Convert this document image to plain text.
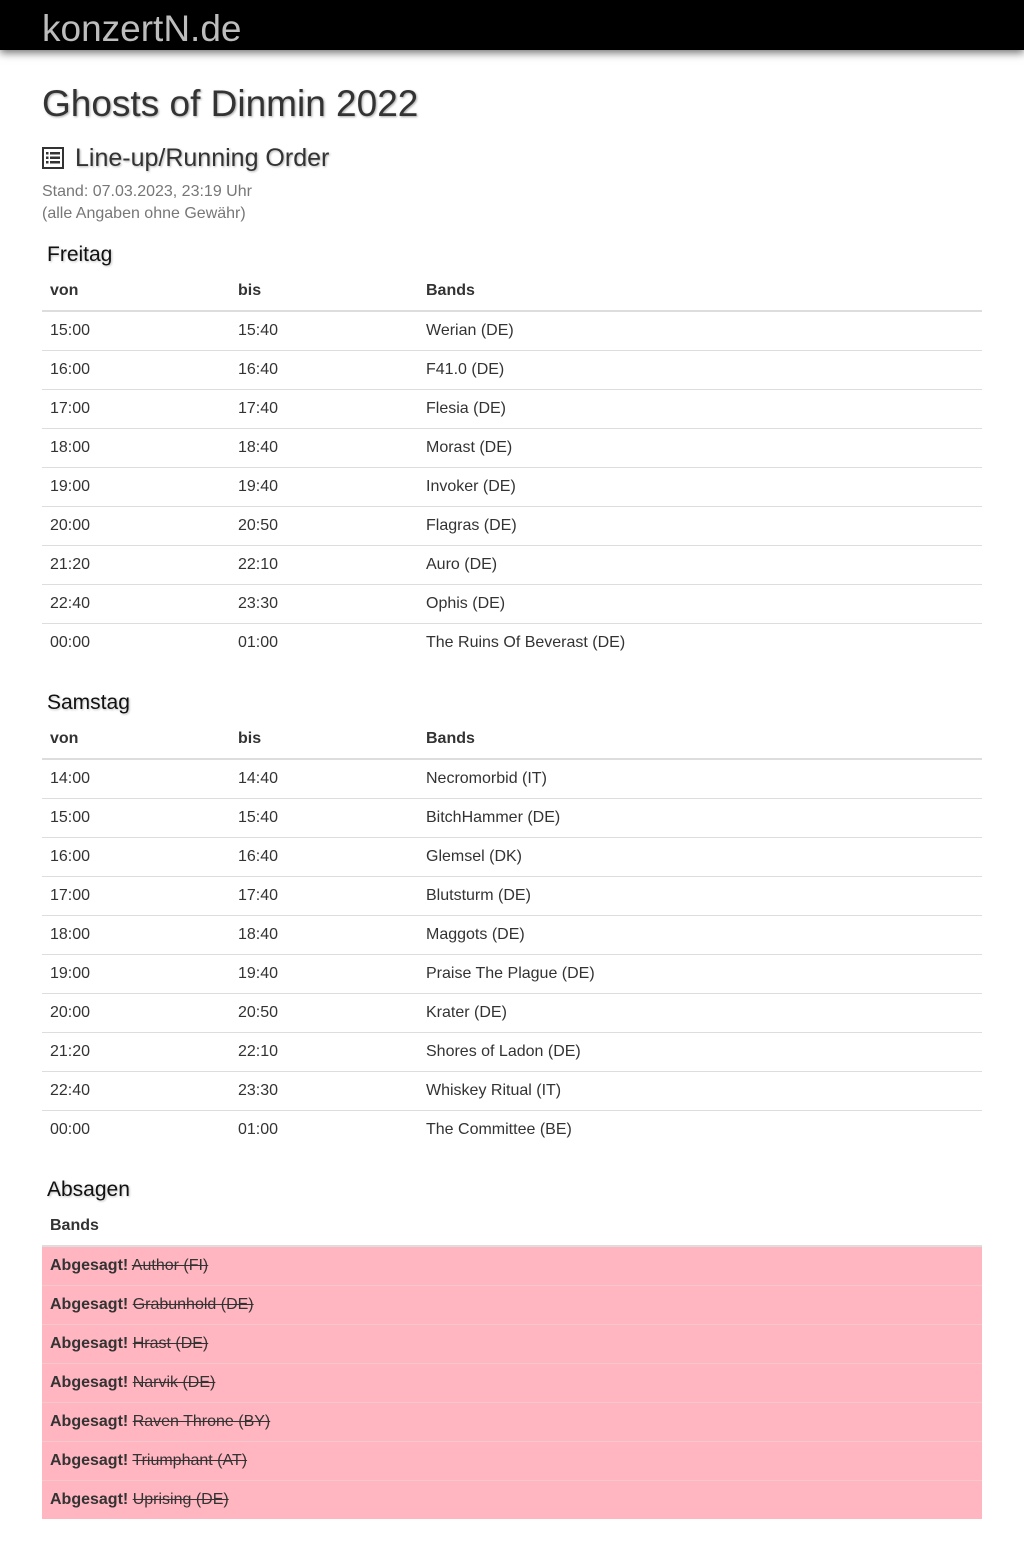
konzertN.de
Ghosts of Dinmin 2022
Line-up/Running Order
Stand: 07.03.2023, 23:19 Uhr
(alle Angaben ohne Gewähr)
Freitag
von	bis	Bands
15:00	15:40	Werian (DE)
16:00	16:40	F41.0 (DE)
17:00	17:40	Flesia (DE)
18:00	18:40	Morast (DE)
19:00	19:40	Invoker (DE)
20:00	20:50	Flagras (DE)
21:20	22:10	Auro (DE)
22:40	23:30	Ophis (DE)
00:00	01:00	The Ruins Of Beverast (DE)
Samstag
von	bis	Bands
14:00	14:40	Necromorbid (IT)
15:00	15:40	BitchHammer (DE)
16:00	16:40	Glemsel (DK)
17:00	17:40	Blutsturm (DE)
18:00	18:40	Maggots (DE)
19:00	19:40	Praise The Plague (DE)
20:00	20:50	Krater (DE)
21:20	22:10	Shores of Ladon (DE)
22:40	23:30	Whiskey Ritual (IT)
00:00	01:00	The Committee (BE)
Absagen
Bands
Abgesagt! Author (FI)
Abgesagt! Grabunhold (DE)
Abgesagt! Hrast (DE)
Abgesagt! Narvik (DE)
Abgesagt! Raven Throne (BY)
Abgesagt! Triumphant (AT)
Abgesagt! Uprising (DE)
